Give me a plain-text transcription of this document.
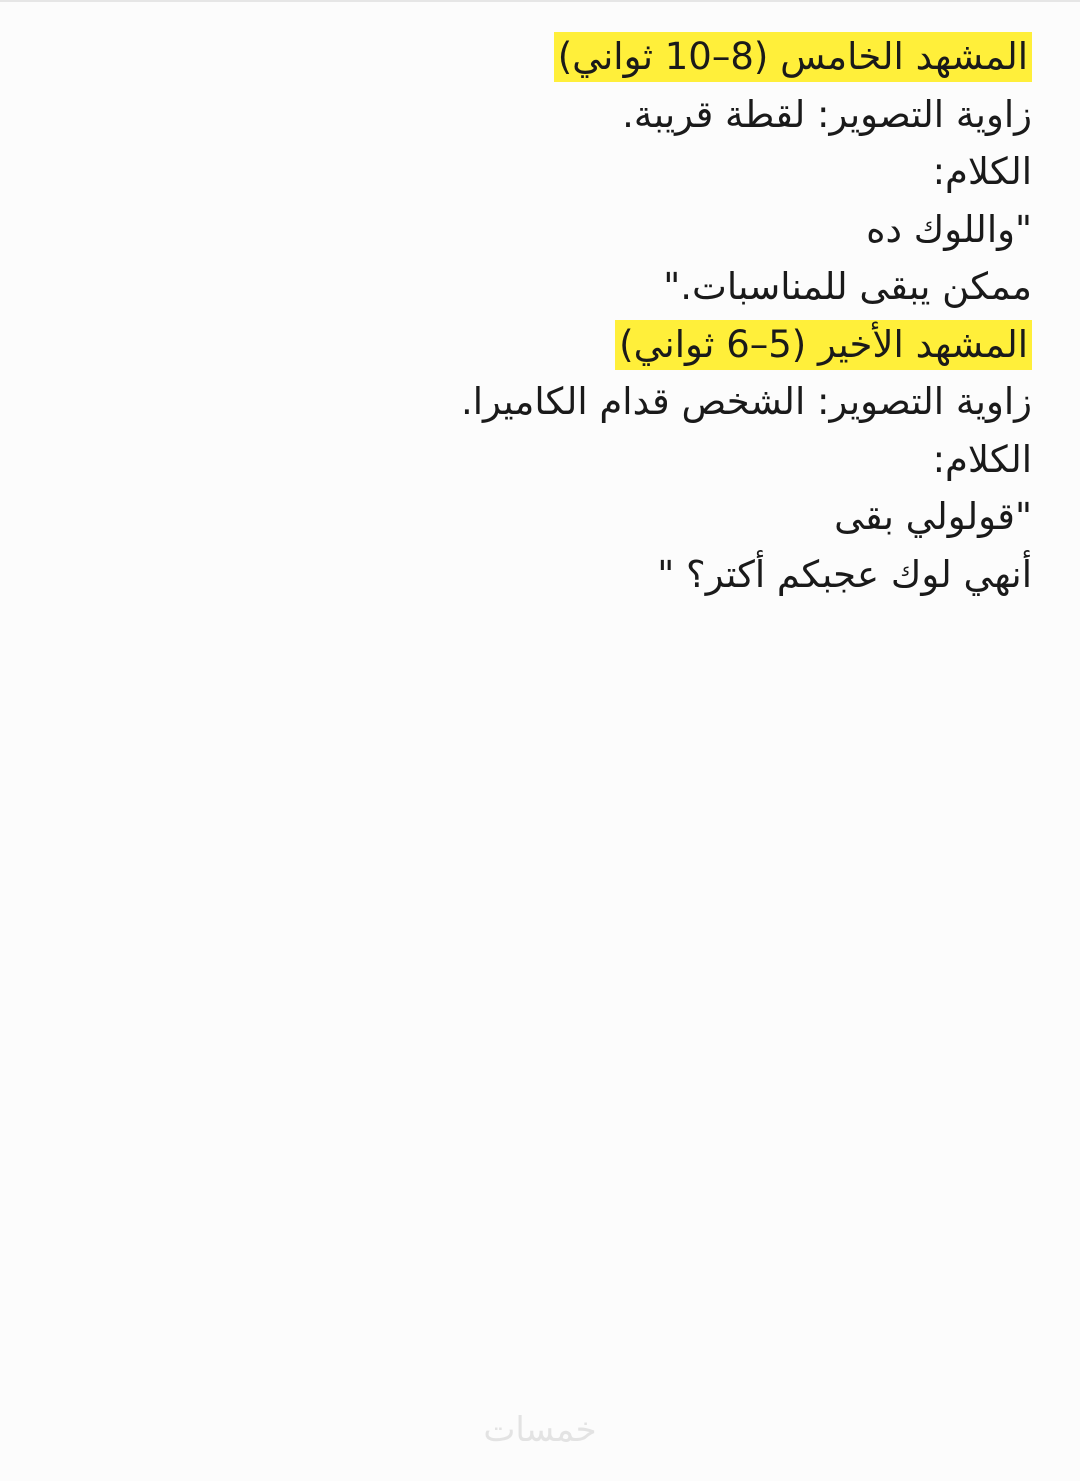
المشهد الخامس (8–10 ثواني)
زاوية التصوير: لقطة قريبة.
الكلام:
"واللوك ده
ممكن يبقى للمناسبات."
المشهد الأخير (5–6 ثواني)
زاوية التصوير: الشخص قدام الكاميرا.
الكلام:
"قولولي بقى
أنهي لوك عجبكم أكتر؟ "
خمسات
